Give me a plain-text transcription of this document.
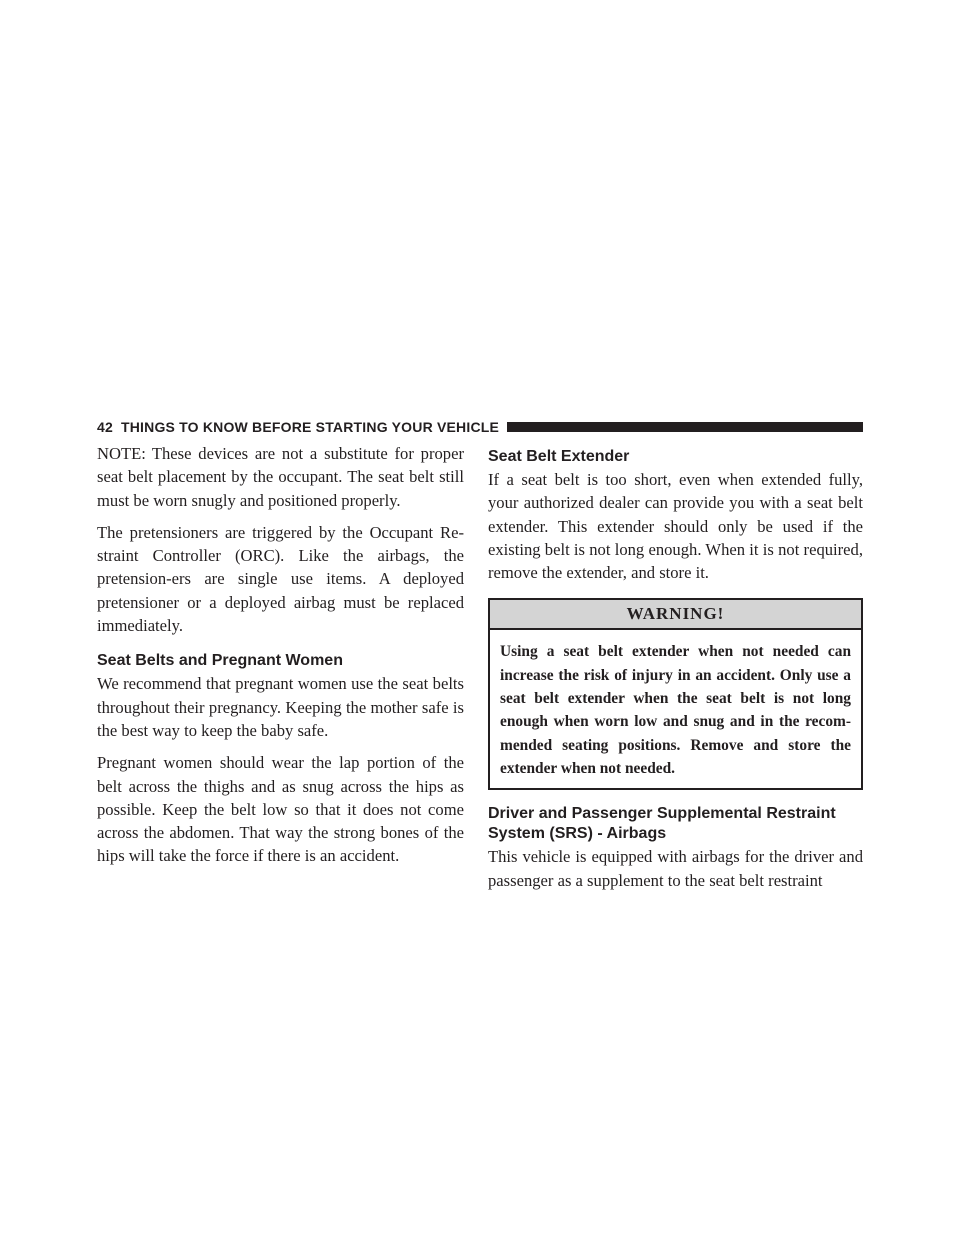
42 THINGS TO KNOW BEFORE STARTING YOUR VEHICLE

NOTE: These devices are not a substitute for proper seat belt placement by the occupant. The seat belt still must be worn snugly and positioned properly.

The pretensioners are triggered by the Occupant Re-straint Controller (ORC). Like the airbags, the pretension-ers are single use items. A deployed pretensioner or a deployed airbag must be replaced immediately.

Seat Belts and Pregnant Women

We recommend that pregnant women use the seat belts throughout their pregnancy. Keeping the mother safe is the best way to keep the baby safe.

Pregnant women should wear the lap portion of the belt across the thighs and as snug across the hips as possible. Keep the belt low so that it does not come across the abdomen. That way the strong bones of the hips will take the force if there is an accident.

Seat Belt Extender

If a seat belt is too short, even when extended fully, your authorized dealer can provide you with a seat belt extender. This extender should only be used if the existing belt is not long enough. When it is not required, remove the extender, and store it.

WARNING!
Using a seat belt extender when not needed can increase the risk of injury in an accident. Only use a seat belt extender when the seat belt is not long enough when worn low and snug and in the recom-mended seating positions. Remove and store the extender when not needed.
Driver and Passenger Supplemental Restraint System (SRS) - Airbags

This vehicle is equipped with airbags for the driver and passenger as a supplement to the seat belt restraint
